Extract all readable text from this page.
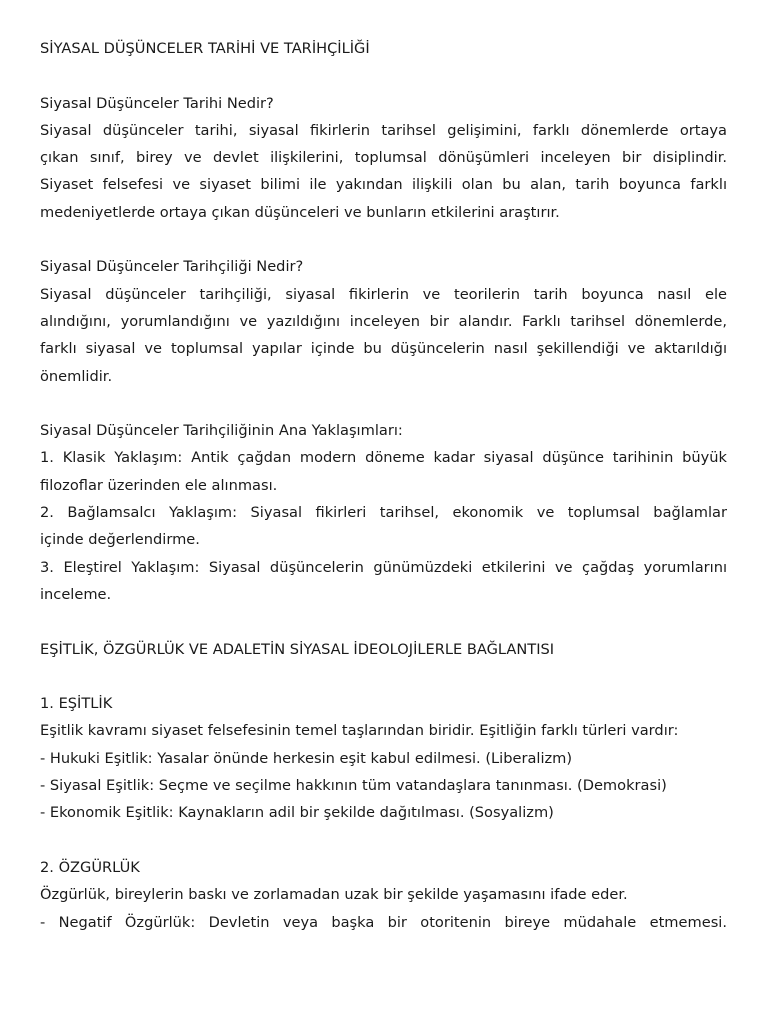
SİYASAL DÜŞÜNCELER TARİHİ VE TARİHÇİLİĞİ
Siyasal Düşünceler Tarihi Nedir?
Siyasal düşünceler tarihi, siyasal fikirlerin tarihsel gelişimini, farklı dönemlerde ortaya
çıkan sınıf, birey ve devlet ilişkilerini, toplumsal dönüşümleri inceleyen bir disiplindir.
Siyaset felsefesi ve siyaset bilimi ile yakından ilişkili olan bu alan, tarih boyunca farklı
medeniyetlerde ortaya çıkan düşünceleri ve bunların etkilerini araştırır.
Siyasal Düşünceler Tarihçiliği Nedir?
Siyasal düşünceler tarihçiliği, siyasal fikirlerin ve teorilerin tarih boyunca nasıl ele
alındığını, yorumlandığını ve yazıldığını inceleyen bir alandır. Farklı tarihsel dönemlerde,
farklı siyasal ve toplumsal yapılar içinde bu düşüncelerin nasıl şekillendiği ve aktarıldığı
önemlidir.
Siyasal Düşünceler Tarihçiliğinin Ana Yaklaşımları:
1. Klasik Yaklaşım: Antik çağdan modern döneme kadar siyasal düşünce tarihinin büyük
filozoflar üzerinden ele alınması.
2. Bağlamsalcı Yaklaşım: Siyasal fikirleri tarihsel, ekonomik ve toplumsal bağlamlar
içinde değerlendirme.
3. Eleştirel Yaklaşım: Siyasal düşüncelerin günümüzdeki etkilerini ve çağdaş yorumlarını
inceleme.
EŞİTLİK, ÖZGÜRLÜK VE ADALETİN SİYASAL İDEOLOJİLERLE BAĞLANTISI
1. EŞİTLİK
Eşitlik kavramı siyaset felsefesinin temel taşlarından biridir. Eşitliğin farklı türleri vardır:
- Hukuki Eşitlik: Yasalar önünde herkesin eşit kabul edilmesi. (Liberalizm)
- Siyasal Eşitlik: Seçme ve seçilme hakkının tüm vatandaşlara tanınması. (Demokrasi)
- Ekonomik Eşitlik: Kaynakların adil bir şekilde dağıtılması. (Sosyalizm)
2. ÖZGÜRLÜK
Özgürlük, bireylerin baskı ve zorlamadan uzak bir şekilde yaşamasını ifade eder.
- Negatif Özgürlük: Devletin veya başka bir otoritenin bireye müdahale etmemesi.
